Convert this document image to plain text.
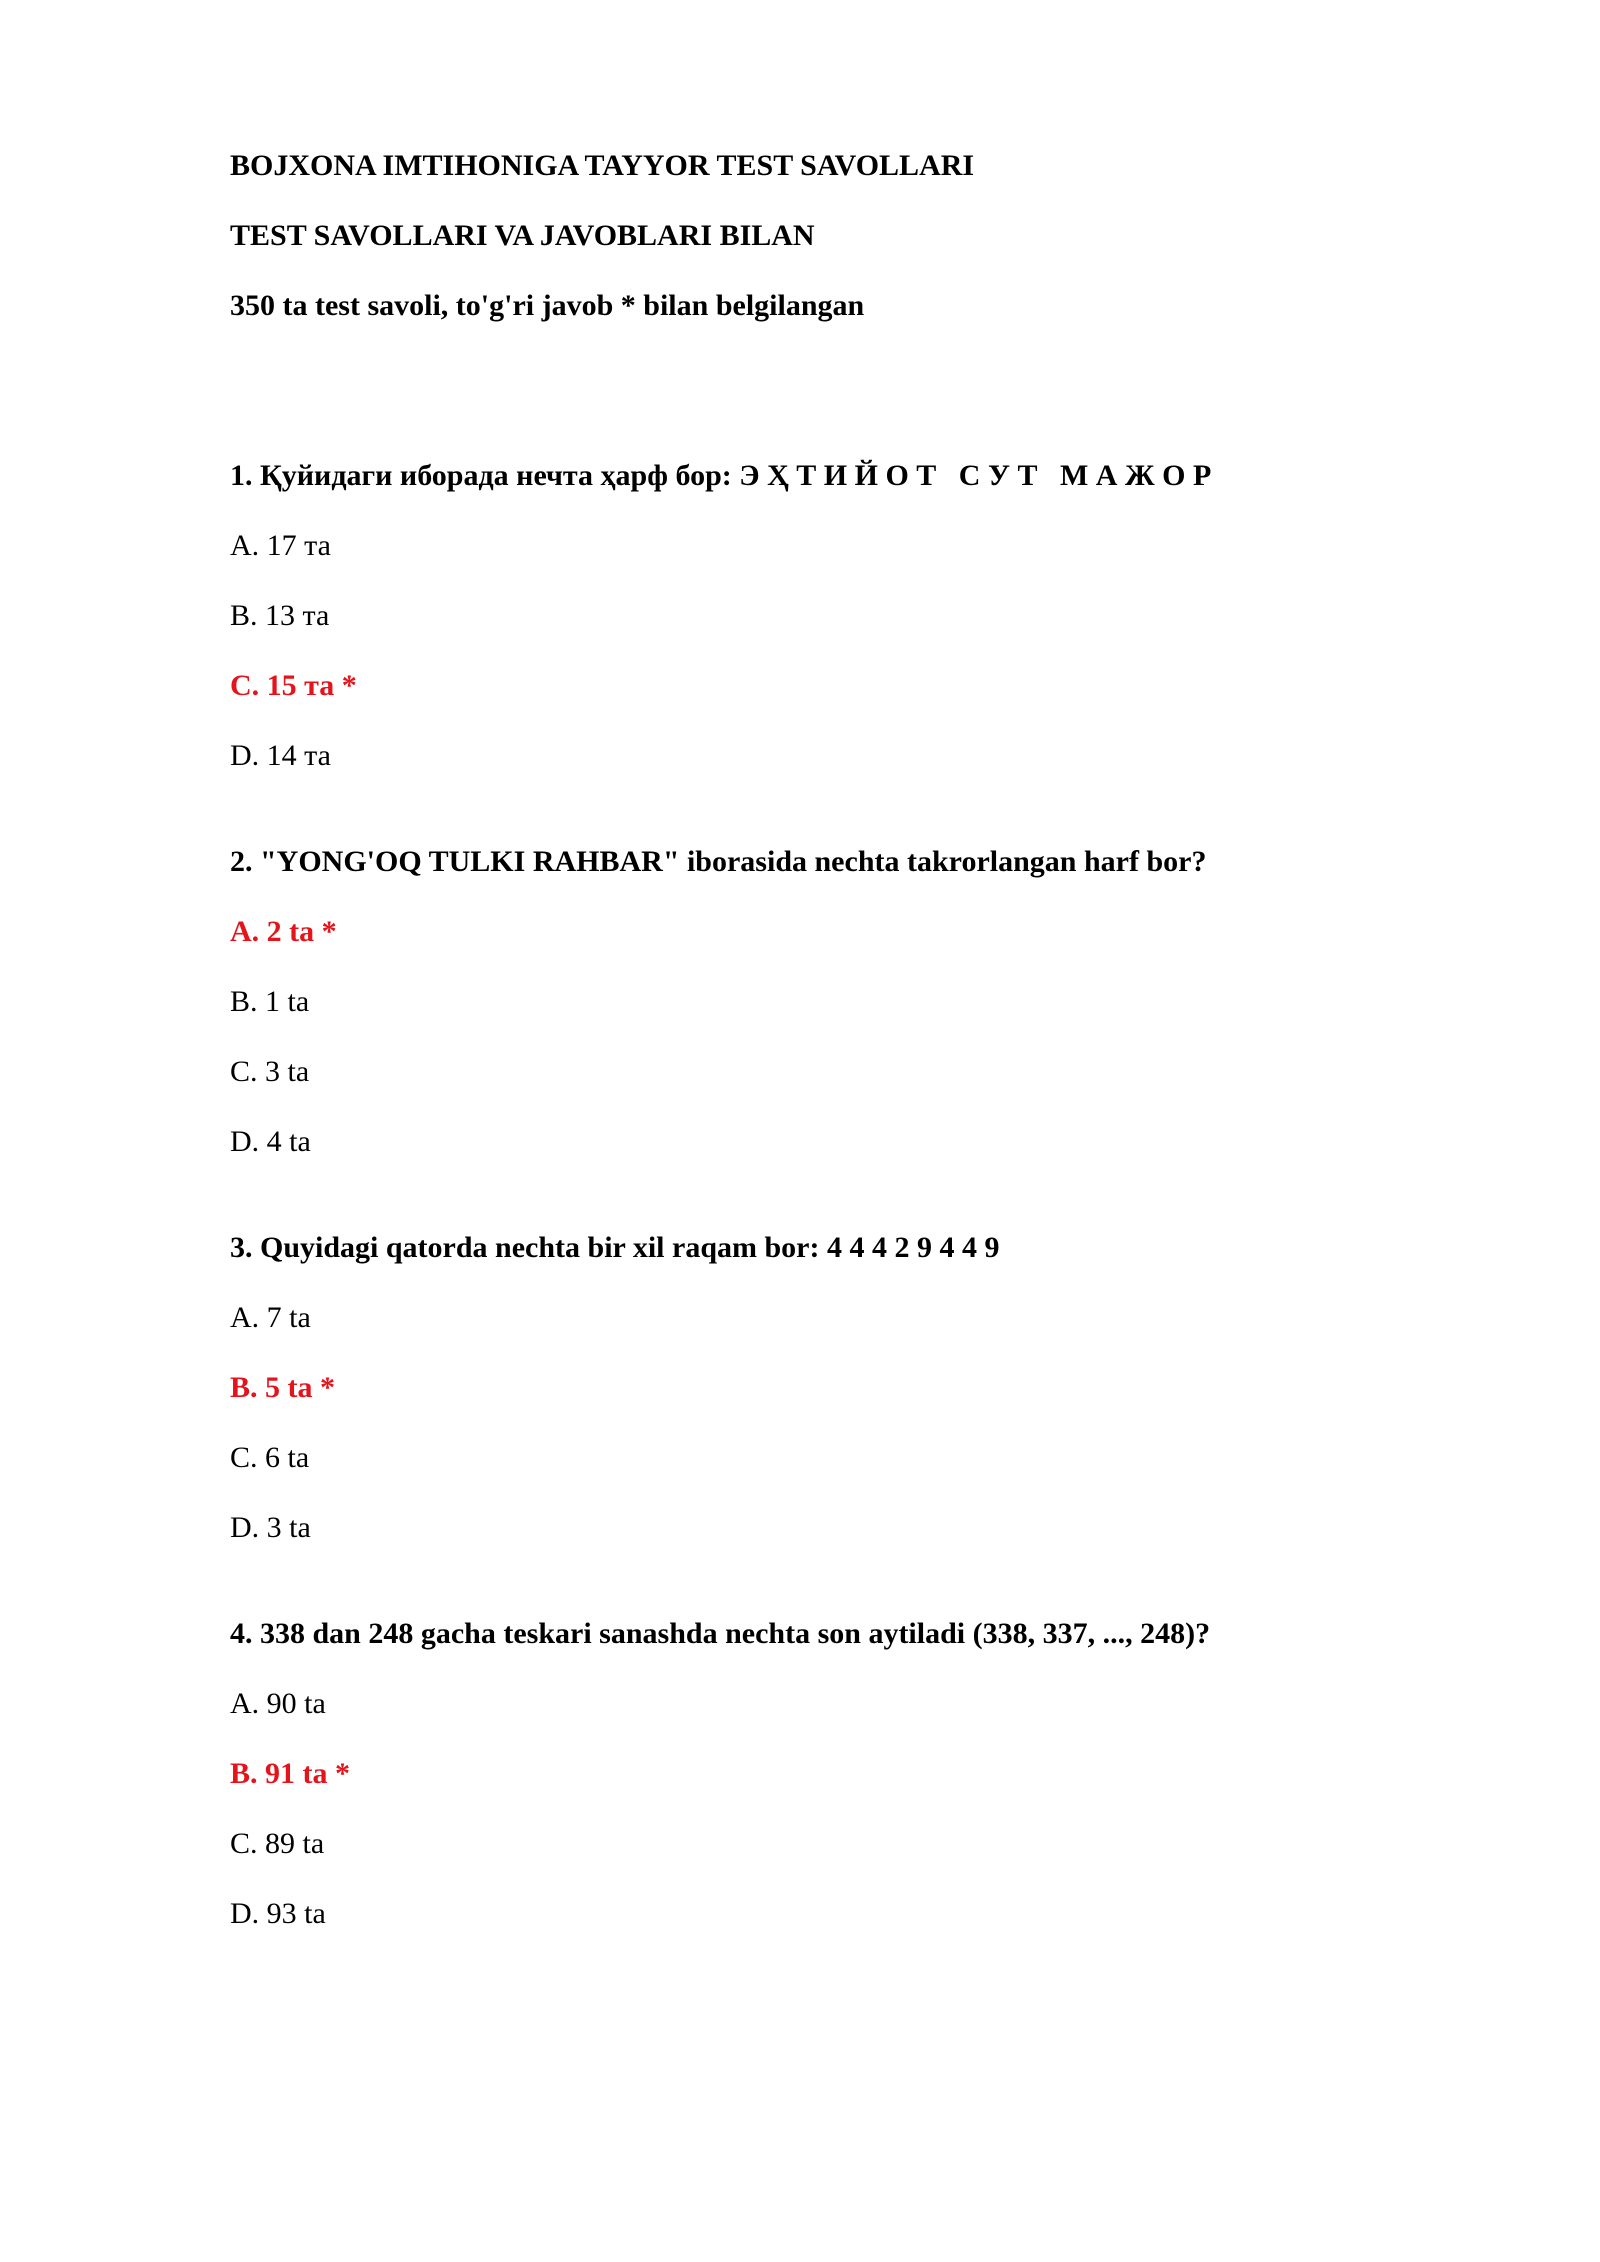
BOJXONA IMTIHONIGA TAYYOR TEST SAVOLLARI
TEST SAVOLLARI VA JAVOBLARI BILAN
350 ta test savoli, to'g'ri javob * bilan belgilangan
1. Қуйидаги иборада нечта ҳарф бор: Э Ҳ Т И Й О Т   С У Т   М А Ж О Р
A. 17 та
B. 13 та
C. 15 та *
D. 14 та
2. "YONG'OQ TULKI RAHBAR" iborasida nechta takrorlangan harf bor?
A. 2 ta *
B. 1 ta
C. 3 ta
D. 4 ta
3. Quyidagi qatorda nechta bir xil raqam bor: 4 4 4 2 9 4 4 9
A. 7 ta
B. 5 ta *
C. 6 ta
D. 3 ta
4. 338 dan 248 gacha teskari sanashda nechta son aytiladi (338, 337, ..., 248)?
A. 90 ta
B. 91 ta *
C. 89 ta
D. 93 ta
